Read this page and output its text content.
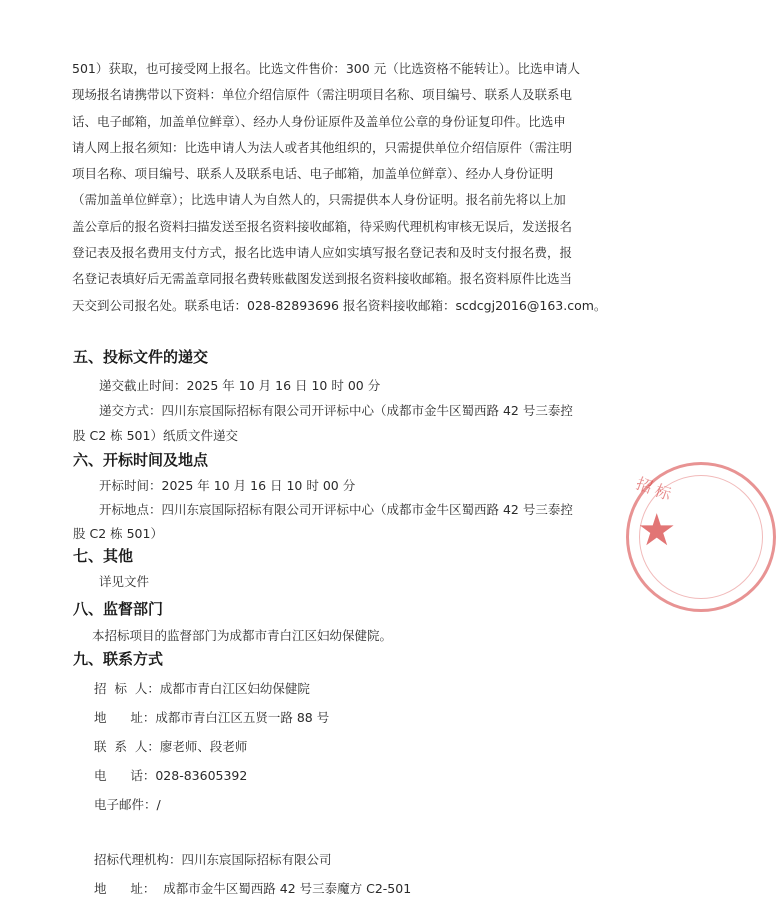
501）获取，也可接受网上报名。比选文件售价：300 元（比选资格不能转让）。比选申请人
现场报名请携带以下资料：单位介绍信原件（需注明项目名称、项目编号、联系人及联系电
话、电子邮箱，加盖单位鲜章）、经办人身份证原件及盖单位公章的身份证复印件。比选申
请人网上报名须知：比选申请人为法人或者其他组织的，只需提供单位介绍信原件（需注明
项目名称、项目编号、联系人及联系电话、电子邮箱，加盖单位鲜章）、经办人身份证明
（需加盖单位鲜章）；比选申请人为自然人的，只需提供本人身份证明。报名前先将以上加
盖公章后的报名资料扫描发送至报名资料接收邮箱，待采购代理机构审核无误后，发送报名
登记表及报名费用支付方式，报名比选申请人应如实填写报名登记表和及时支付报名费，报
名登记表填好后无需盖章同报名费转账截图发送到报名资料接收邮箱。报名资料原件比选当
天交到公司报名处。联系电话：028-82893696 报名资料接收邮箱：scdcgj2016@163.com。
五、投标文件的递交
递交截止时间：2025 年 10 月 16 日 10 时 00 分
递交方式：四川东宸国际招标有限公司开评标中心（成都市金牛区蜀西路 42 号三泰控
股 C2 栋 501）纸质文件递交
六、开标时间及地点
开标时间：2025 年 10 月 16 日 10 时 00 分
开标地点：四川东宸国际招标有限公司开评标中心（成都市金牛区蜀西路 42 号三泰控
股 C2 栋 501）
七、其他
详见文件
八、监督部门
本招标项目的监督部门为成都市青白江区妇幼保健院。
九、联系方式
招  标  人：成都市青白江区妇幼保健院
地      址：成都市青白江区五贤一路 88 号
联  系  人：廖老师、段老师
电      话：028-83605392
电子邮件：/
招标代理机构：四川东宸国际招标有限公司
地      址：  成都市金牛区蜀西路 42 号三泰魔方 C2-501
招标
★
